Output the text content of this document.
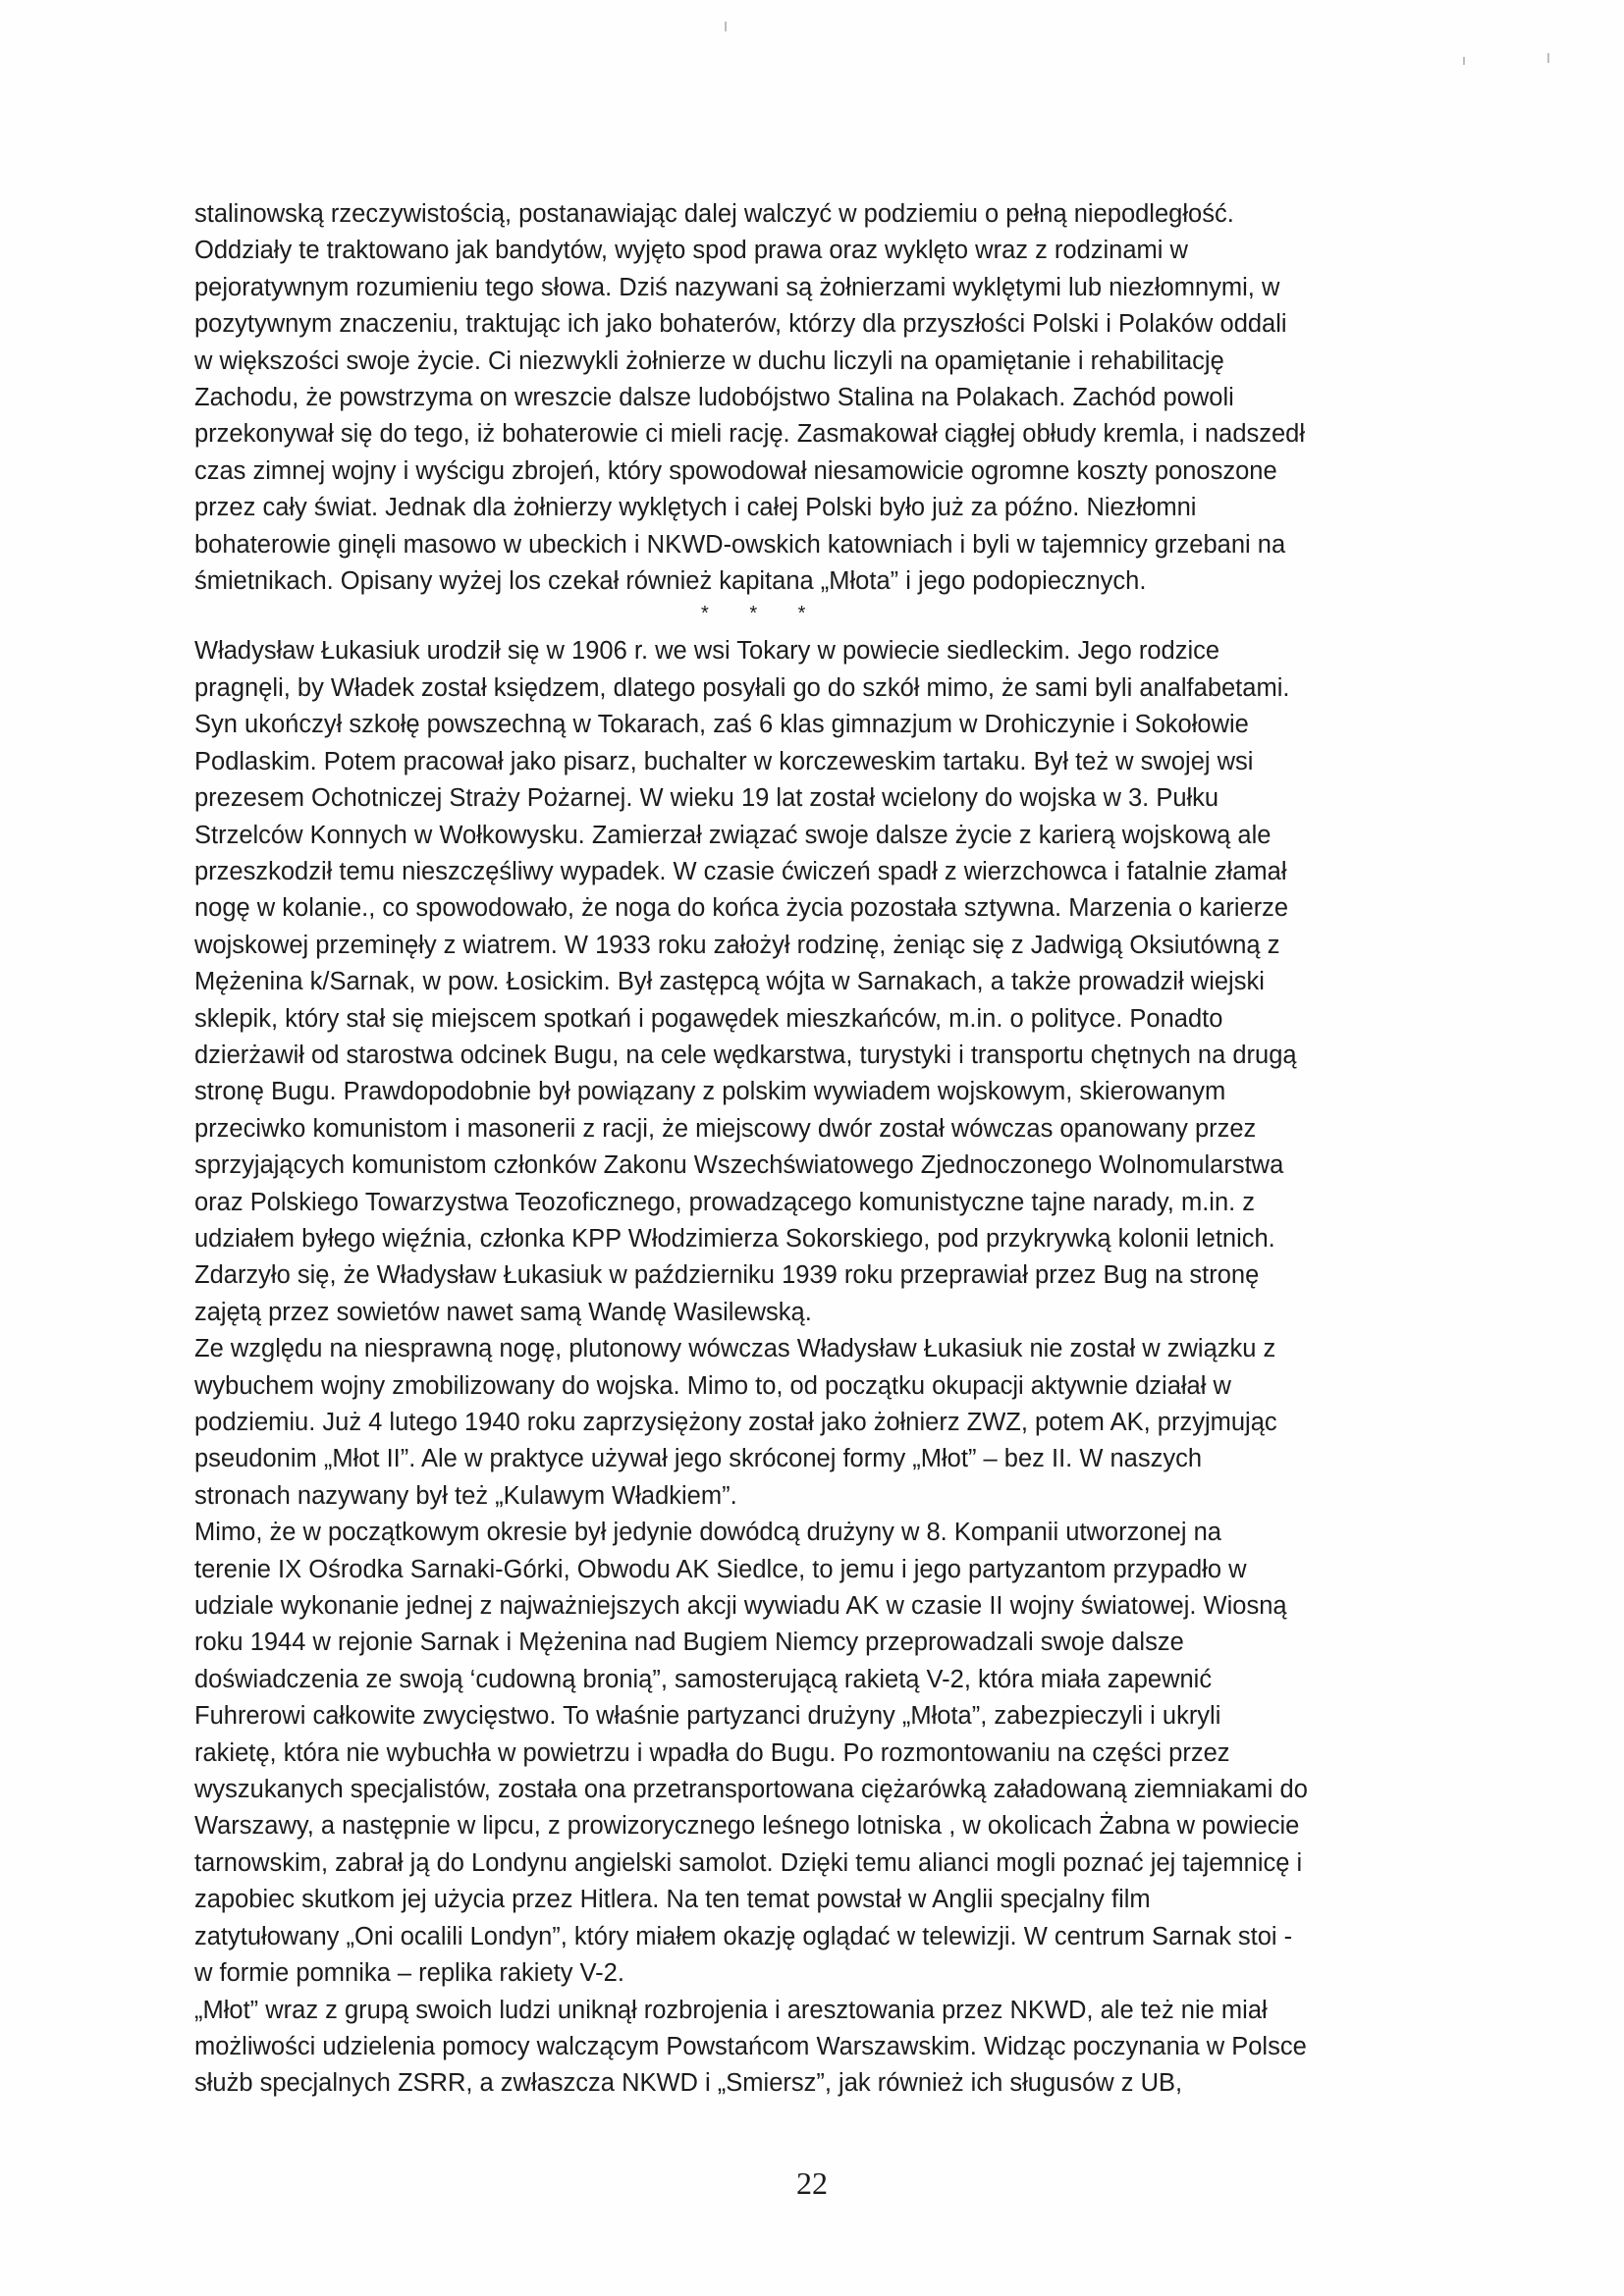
stalinowską rzeczywistością, postanawiając dalej walczyć w podziemiu o pełną niepodległość.
Oddziały te traktowano jak bandytów, wyjęto spod prawa oraz wyklęto wraz z rodzinami w
pejoratywnym rozumieniu tego słowa. Dziś nazywani są żołnierzami wyklętymi lub niezłomnymi, w
pozytywnym znaczeniu, traktując ich jako bohaterów, którzy dla przyszłości Polski i Polaków oddali
w większości swoje życie. Ci niezwykli żołnierze w duchu liczyli na opamiętanie i rehabilitację
Zachodu, że powstrzyma on wreszcie dalsze ludobójstwo Stalina na Polakach. Zachód powoli
przekonywał się do tego, iż bohaterowie ci mieli rację. Zasmakował ciągłej obłudy kremla, i nadszedł
czas zimnej wojny i wyścigu zbrojeń, który spowodował niesamowicie ogromne koszty ponoszone
przez cały świat. Jednak dla żołnierzy wyklętych i całej Polski było już za późno. Niezłomni
bohaterowie ginęli masowo w ubeckich i NKWD-owskich katowniach i byli w tajemnicy grzebani na
śmietnikach. Opisany wyżej los czekał również kapitana „Młota” i jego podopiecznych.
* * *
Władysław Łukasiuk urodził się w 1906 r. we wsi Tokary w powiecie siedleckim. Jego rodzice
pragnęli, by Władek został księdzem, dlatego posyłali go do szkół mimo, że sami byli analfabetami.
Syn ukończył szkołę powszechną w Tokarach, zaś 6 klas gimnazjum w Drohiczynie i Sokołowie
Podlaskim. Potem pracował jako pisarz, buchalter w korczeweskim tartaku. Był też w swojej wsi
prezesem Ochotniczej Straży Pożarnej. W wieku 19 lat został wcielony do wojska w 3. Pułku
Strzelców Konnych w Wołkowysku. Zamierzał związać swoje dalsze życie z karierą wojskową ale
przeszkodził temu nieszczęśliwy wypadek. W czasie ćwiczeń spadł z wierzchowca i fatalnie złamał
nogę w kolanie., co spowodowało, że noga do końca życia pozostała sztywna. Marzenia o karierze
wojskowej przeminęły z wiatrem. W 1933 roku założył rodzinę, żeniąc się z Jadwigą Oksiutówną z
Mężenina k/Sarnak, w pow. Łosickim. Był zastępcą wójta w Sarnakach, a także prowadził wiejski
sklepik, który stał się miejscem spotkań i pogawędek mieszkańców, m.in. o polityce. Ponadto
dzierżawił od starostwa odcinek Bugu, na cele wędkarstwa, turystyki i transportu chętnych na drugą
stronę Bugu. Prawdopodobnie był powiązany z polskim wywiadem wojskowym, skierowanym
przeciwko komunistom i masonerii z racji, że miejscowy dwór został wówczas opanowany przez
sprzyjających komunistom członków Zakonu Wszechświatowego Zjednoczonego Wolnomularstwa
oraz Polskiego Towarzystwa Teozoficznego, prowadzącego komunistyczne tajne narady, m.in. z
udziałem byłego więźnia, członka KPP Włodzimierza Sokorskiego, pod przykrywką kolonii letnich.
Zdarzyło się, że Władysław Łukasiuk w październiku 1939 roku przeprawiał przez Bug na stronę
zajętą przez sowietów nawet samą Wandę Wasilewską.
Ze względu na niesprawną nogę, plutonowy wówczas Władysław Łukasiuk nie został w związku z
wybuchem wojny zmobilizowany do wojska. Mimo to, od początku okupacji aktywnie działał w
podziemiu. Już 4 lutego 1940 roku zaprzysiężony został jako żołnierz ZWZ, potem AK, przyjmując
pseudonim „Młot II”. Ale w praktyce używał jego skróconej formy „Młot” – bez II. W naszych
stronach nazywany był też „Kulawym Władkiem”.
Mimo, że w początkowym okresie był jedynie dowódcą drużyny w 8. Kompanii utworzonej na
terenie IX Ośrodka Sarnaki-Górki, Obwodu AK Siedlce, to jemu i jego partyzantom przypadło w
udziale wykonanie jednej z najważniejszych akcji wywiadu AK w czasie II wojny światowej. Wiosną
roku 1944 w rejonie Sarnak i Mężenina nad Bugiem Niemcy przeprowadzali swoje dalsze
doświadczenia ze swoją ‘cudowną bronią”, samosterującą rakietą V-2, która miała zapewnić
Fuhrerowi całkowite zwycięstwo. To właśnie partyzanci drużyny „Młota”, zabezpieczyli i ukryli
rakietę, która nie wybuchła w powietrzu i wpadła do Bugu. Po rozmontowaniu na części przez
wyszukanych specjalistów, została ona przetransportowana ciężarówką załadowaną ziemniakami do
Warszawy, a następnie w lipcu, z prowizorycznego leśnego lotniska , w okolicach Żabna w powiecie
tarnowskim, zabrał ją do Londynu angielski samolot. Dzięki temu alianci mogli poznać jej tajemnicę i
zapobiec skutkom jej użycia przez Hitlera. Na ten temat powstał w Anglii specjalny film
zatytułowany „Oni ocalili Londyn”, który miałem okazję oglądać w telewizji. W centrum Sarnak stoi -
w formie pomnika – replika rakiety V-2.
„Młot” wraz z grupą swoich ludzi uniknął rozbrojenia i aresztowania przez NKWD, ale też nie miał
możliwości udzielenia pomocy walczącym Powstańcom Warszawskim. Widząc poczynania w Polsce
służb specjalnych ZSRR, a zwłaszcza NKWD i „Smiersz”, jak również ich sługusów z UB,
22
